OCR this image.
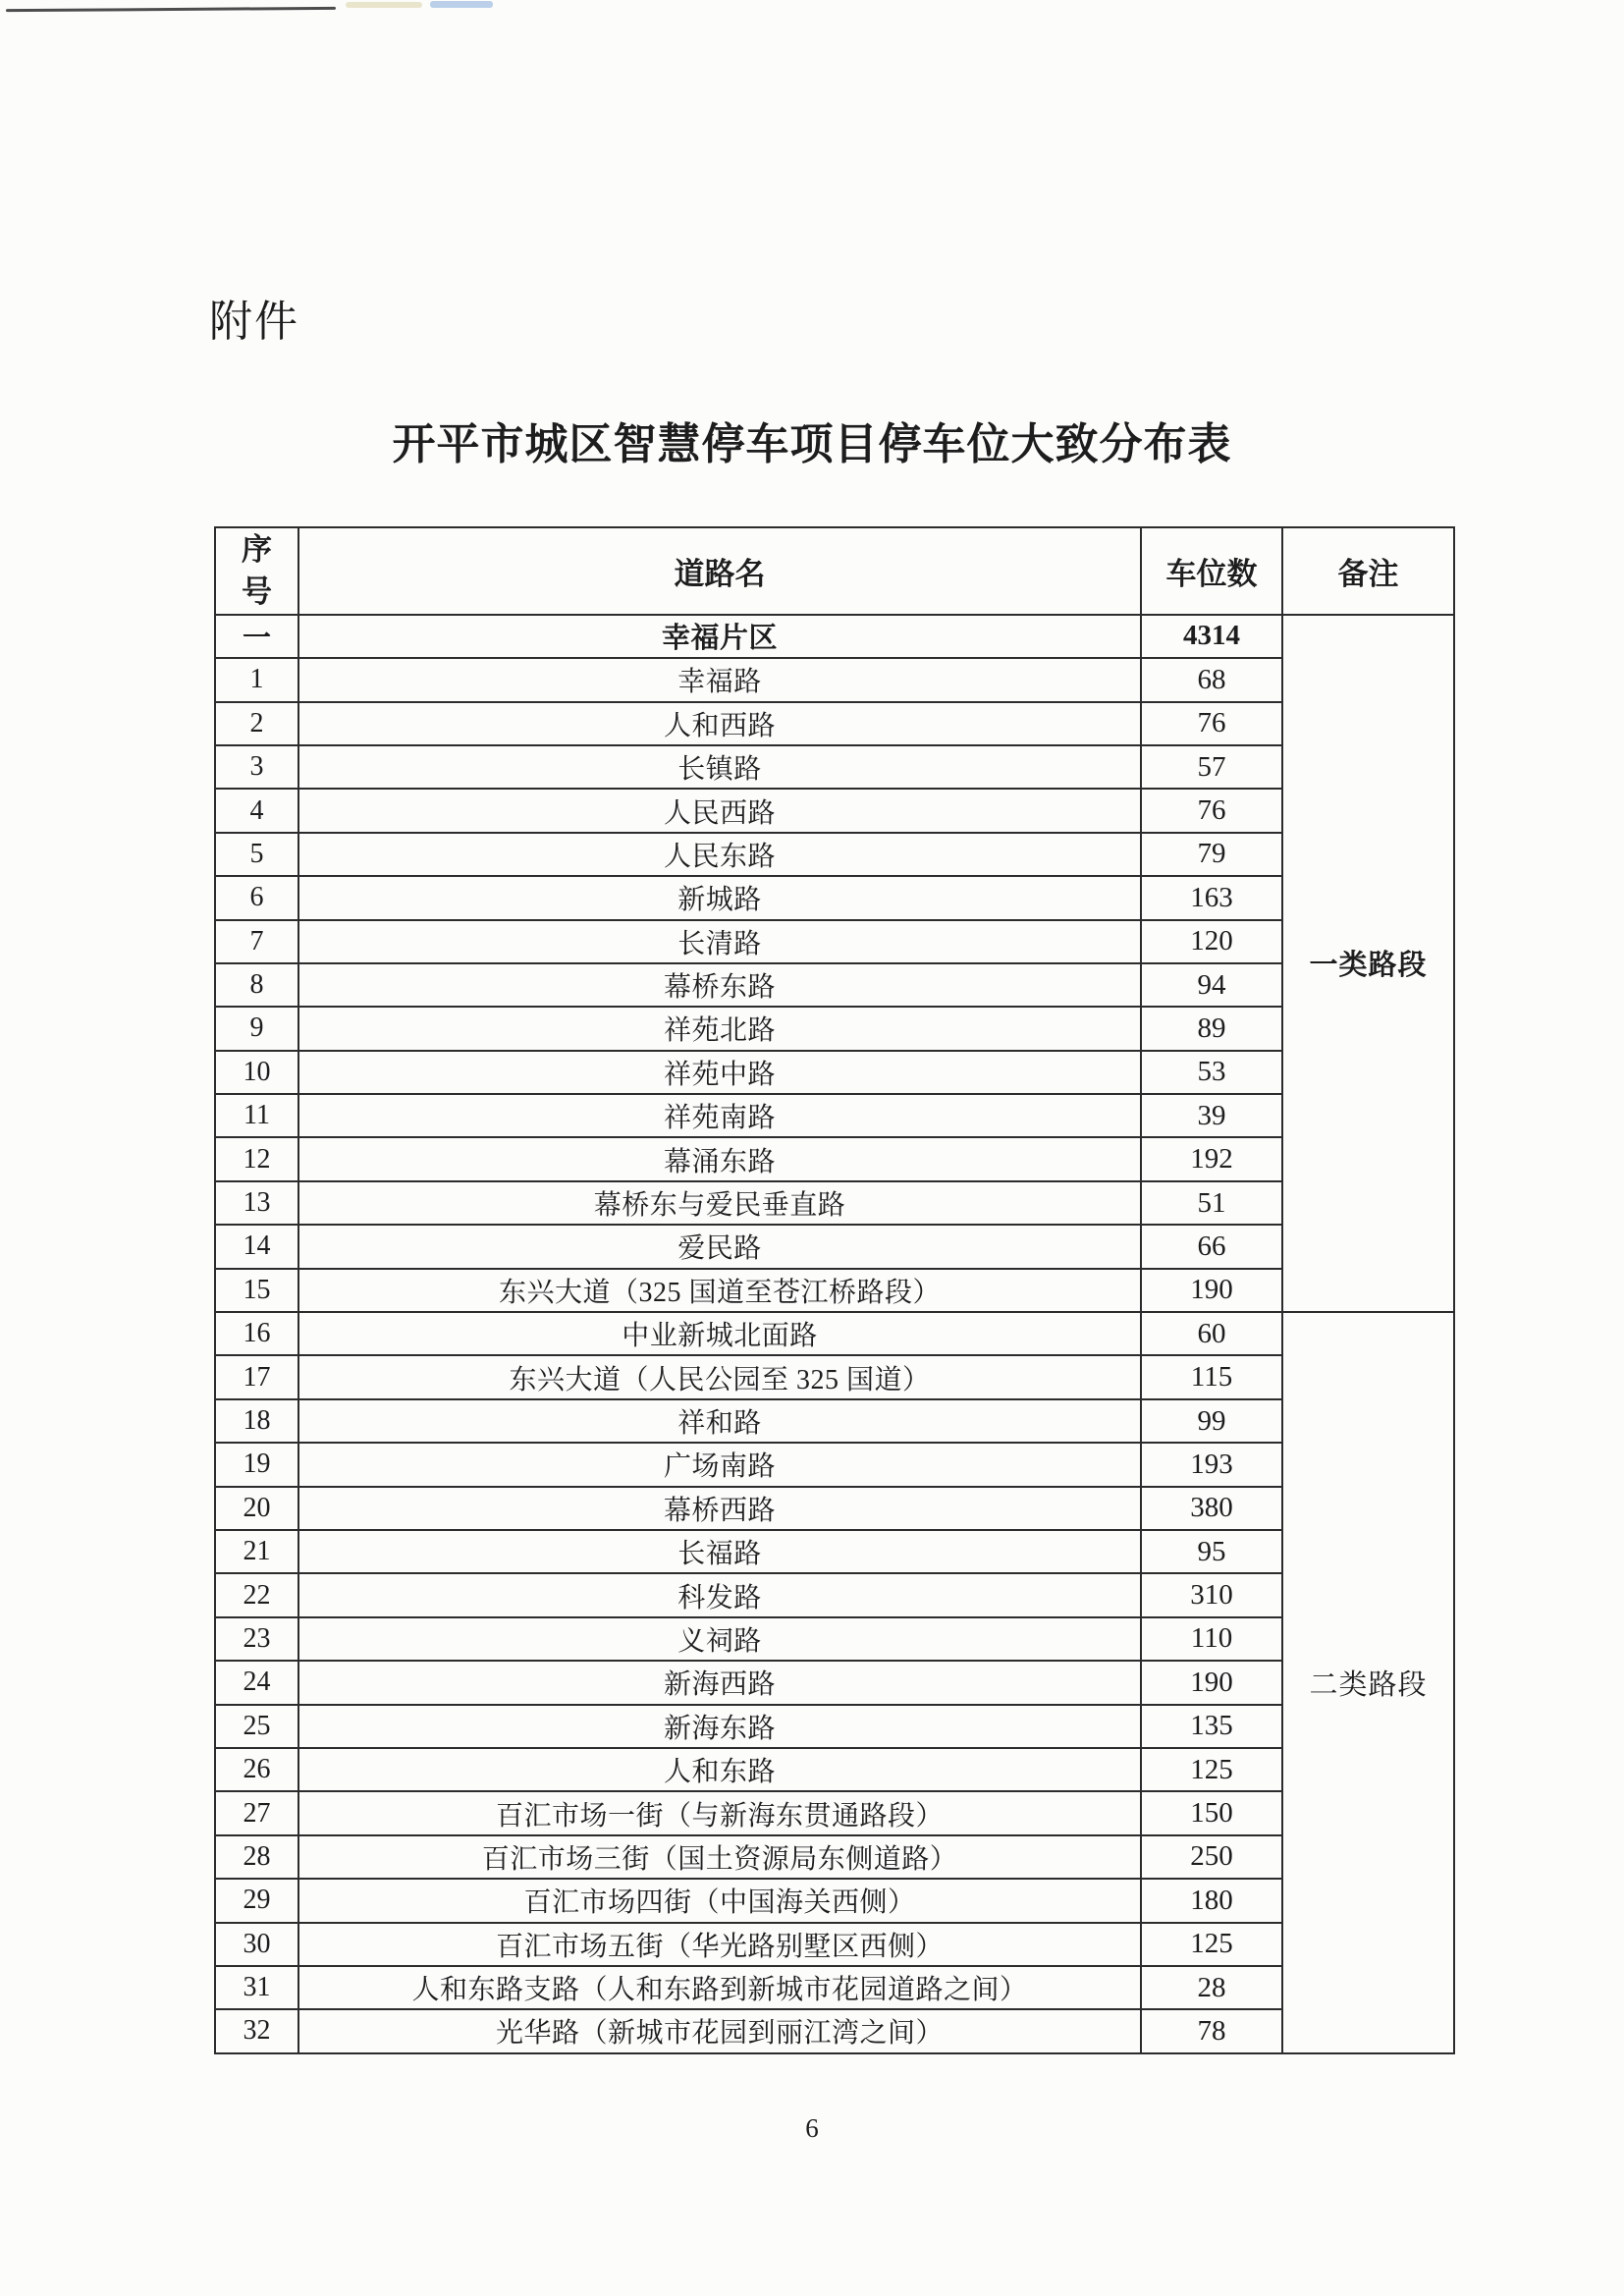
附件
开平市城区智慧停车项目停车位大致分布表
序号	道路名	车位数	备注
一	幸福片区	4314	一类路段
1	幸福路	68	
2	人和西路	76	
3	长镇路	57	
4	人民西路	76	
5	人民东路	79	
6	新城路	163	
7	长清路	120	
8	幕桥东路	94	
9	祥苑北路	89	
10	祥苑中路	53	
11	祥苑南路	39	
12	幕涌东路	192	
13	幕桥东与爱民垂直路	51	
14	爱民路	66	
15	东兴大道（325 国道至苍江桥路段）	190	
16	中业新城北面路	60	二类路段
17	东兴大道（人民公园至 325 国道）	115	
18	祥和路	99	
19	广场南路	193	
20	幕桥西路	380	
21	长福路	95	
22	科发路	310	
23	义祠路	110	
24	新海西路	190	
25	新海东路	135	
26	人和东路	125	
27	百汇市场一街（与新海东贯通路段）	150	
28	百汇市场三街（国土资源局东侧道路）	250	
29	百汇市场四街（中国海关西侧）	180	
30	百汇市场五街（华光路别墅区西侧）	125	
31	人和东路支路（人和东路到新城市花园道路之间）	28	
32	光华路（新城市花园到丽江湾之间）	78	
6
